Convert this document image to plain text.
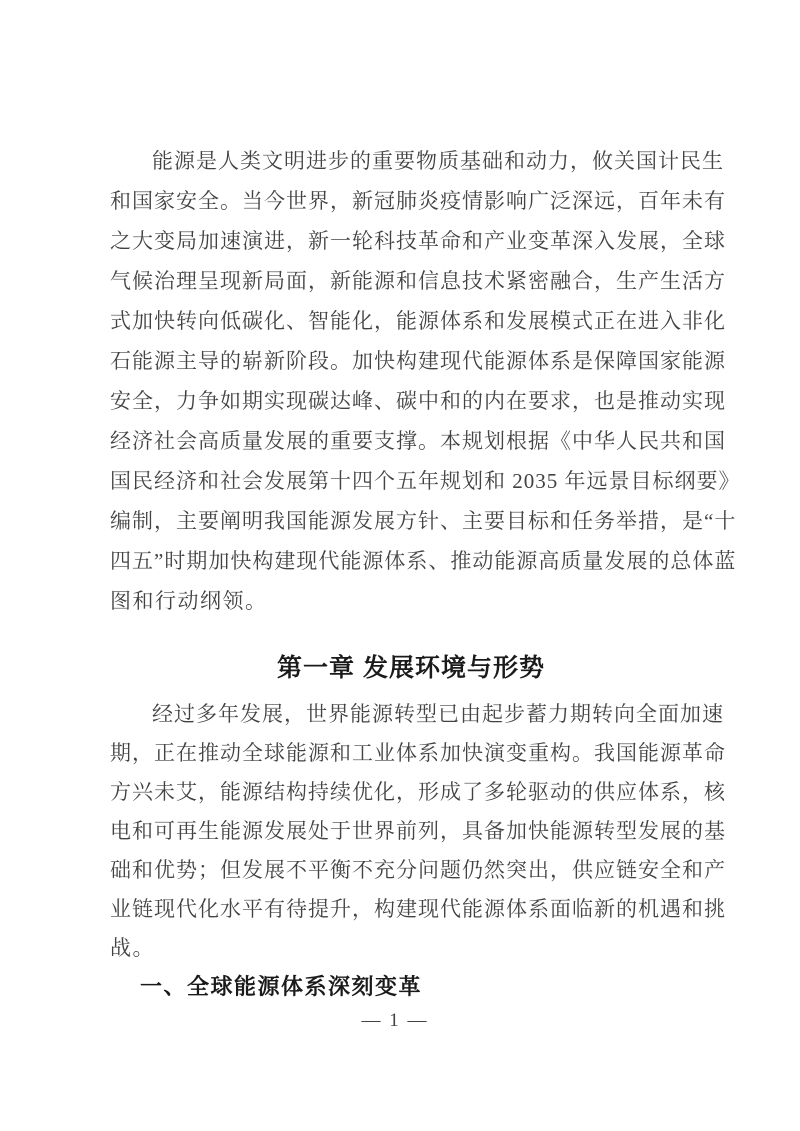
能源是人类文明进步的重要物质基础和动力，攸关国计民生
和国家安全。当今世界，新冠肺炎疫情影响广泛深远，百年未有
之大变局加速演进，新一轮科技革命和产业变革深入发展，全球
气候治理呈现新局面，新能源和信息技术紧密融合，生产生活方
式加快转向低碳化、智能化，能源体系和发展模式正在进入非化
石能源主导的崭新阶段。加快构建现代能源体系是保障国家能源
安全，力争如期实现碳达峰、碳中和的内在要求，也是推动实现
经济社会高质量发展的重要支撑。本规划根据《中华人民共和国
国民经济和社会发展第十四个五年规划和 2035 年远景目标纲要》
编制，主要阐明我国能源发展方针、主要目标和任务举措，是“十
四五”时期加快构建现代能源体系、推动能源高质量发展的总体蓝
图和行动纲领。
第一章 发展环境与形势
经过多年发展，世界能源转型已由起步蓄力期转向全面加速
期，正在推动全球能源和工业体系加快演变重构。我国能源革命
方兴未艾，能源结构持续优化，形成了多轮驱动的供应体系，核
电和可再生能源发展处于世界前列，具备加快能源转型发展的基
础和优势；但发展不平衡不充分问题仍然突出，供应链安全和产
业链现代化水平有待提升，构建现代能源体系面临新的机遇和挑
战。
一、全球能源体系深刻变革
— 1 —
